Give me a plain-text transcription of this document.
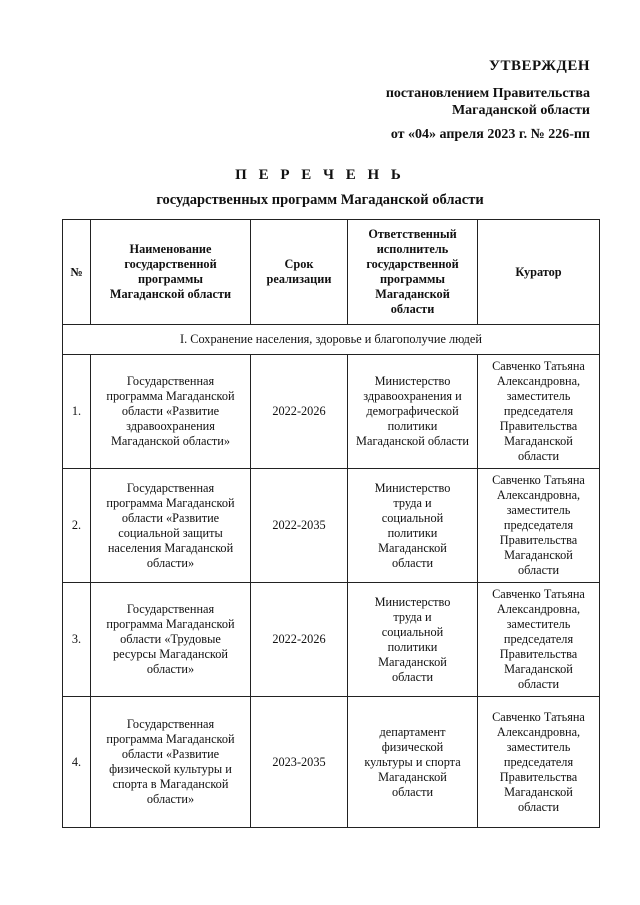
УТВЕРЖДЕН
постановлением Правительства
Магаданской области
от «04» апреля 2023 г. № 226-пп
П Е Р Е Ч Е Н Ь
государственных программ Магаданской области
№	Наименование государственной программы Магаданской области	Срок реализации	Ответственный исполнитель государственной программы Магаданской области	Куратор
I. Сохранение населения, здоровье и благополучие людей				
1.	Государственная программа Магаданской области «Развитие здравоохранения Магаданской области»	2022-2026	Министерство здравоохранения и демографической политики Магаданской области	Савченко Татьяна Александровна, заместитель председателя Правительства Магаданской области
2.	Государственная программа Магаданской области «Развитие социальной защиты населения Магаданской области»	2022-2035	Министерство труда и социальной политики Магаданской области	Савченко Татьяна Александровна, заместитель председателя Правительства Магаданской области
3.	Государственная программа Магаданской области «Трудовые ресурсы Магаданской области»	2022-2026	Министерство труда и социальной политики Магаданской области	Савченко Татьяна Александровна, заместитель председателя Правительства Магаданской области
4.	Государственная программа Магаданской области «Развитие физической культуры и спорта в Магаданской области»	2023-2035	департамент физической культуры и спорта Магаданской области	Савченко Татьяна Александровна, заместитель председателя Правительства Магаданской области
